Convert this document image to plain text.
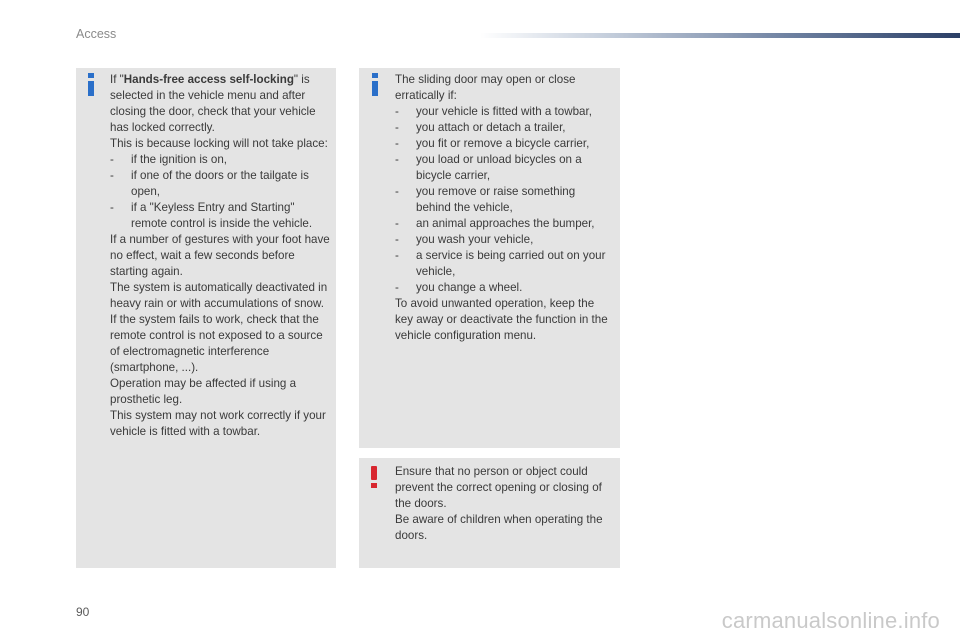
Access

If "Hands-free access self-locking" is selected in the vehicle menu and after closing the door, check that your vehicle has locked correctly.

This is because locking will not take place:

- if the ignition is on,

- if one of the doors or the tailgate is open,

- if a "Keyless Entry and Starting" remote control is inside the vehicle.

If a number of gestures with your foot have no effect, wait a few seconds before starting again.

The system is automatically deactivated in heavy rain or with accumulations of snow.

If the system fails to work, check that the remote control is not exposed to a source of electromagnetic interference (smartphone, ...).

Operation may be affected if using a prosthetic leg.

This system may not work correctly if your vehicle is fitted with a towbar.

The sliding door may open or close erratically if:

- your vehicle is fitted with a towbar,

- you attach or detach a trailer,

- you fit or remove a bicycle carrier,

- you load or unload bicycles on a bicycle carrier,

- you remove or raise something behind the vehicle,

- an animal approaches the bumper,

- you wash your vehicle,

- a service is being carried out on your vehicle,

- you change a wheel.

To avoid unwanted operation, keep the key away or deactivate the function in the vehicle configuration menu.

Ensure that no person or object could prevent the correct opening or closing of the doors.

Be aware of children when operating the doors.

90	carmanualsonline.info
